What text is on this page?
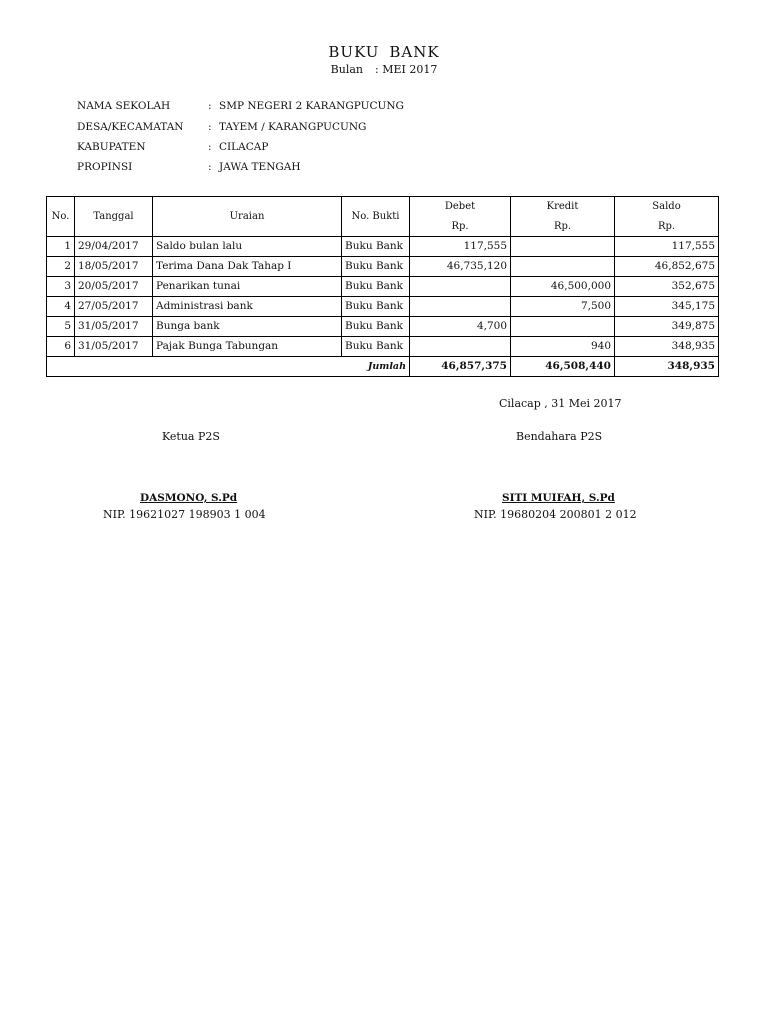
BUKU BANK
Bulan : MEI 2017
NAMA SEKOLAH	: SMP NEGERI 2 KARANGPUCUNG
DESA/KECAMATAN : TAYEM / KARANGPUCUNG
KABUPATEN	: CILACAP
PROPINSI	: JAWA TENGAH
No.	Tanggal	Uraian	No. Bukti	Debet	Kredit	Saldo
				Rp.	Rp.	Rp.
1	29/04/2017	Saldo bulan lalu	Buku Bank	117,555		117,555
2	18/05/2017	Terima Dana Dak Tahap I	Buku Bank	46,735,120		46,852,675
3	20/05/2017	Penarikan tunai	Buku Bank		46,500,000	352,675
4	27/05/2017	Administrasi bank	Buku Bank		7,500	345,175
5	31/05/2017	Bunga bank	Buku Bank	4,700		349,875
6	31/05/2017	Pajak Bunga Tabungan	Buku Bank		940	348,935
Jumlah				46,857,375	46,508,440	348,935
Cilacap , 31 Mei 2017
Ketua P2S	Bendahara P2S
DASMONO, S.Pd	SITI MUIFAH, S.Pd
NIP. 19621027 198903 1 004	NIP. 19680204 200801 2 012
